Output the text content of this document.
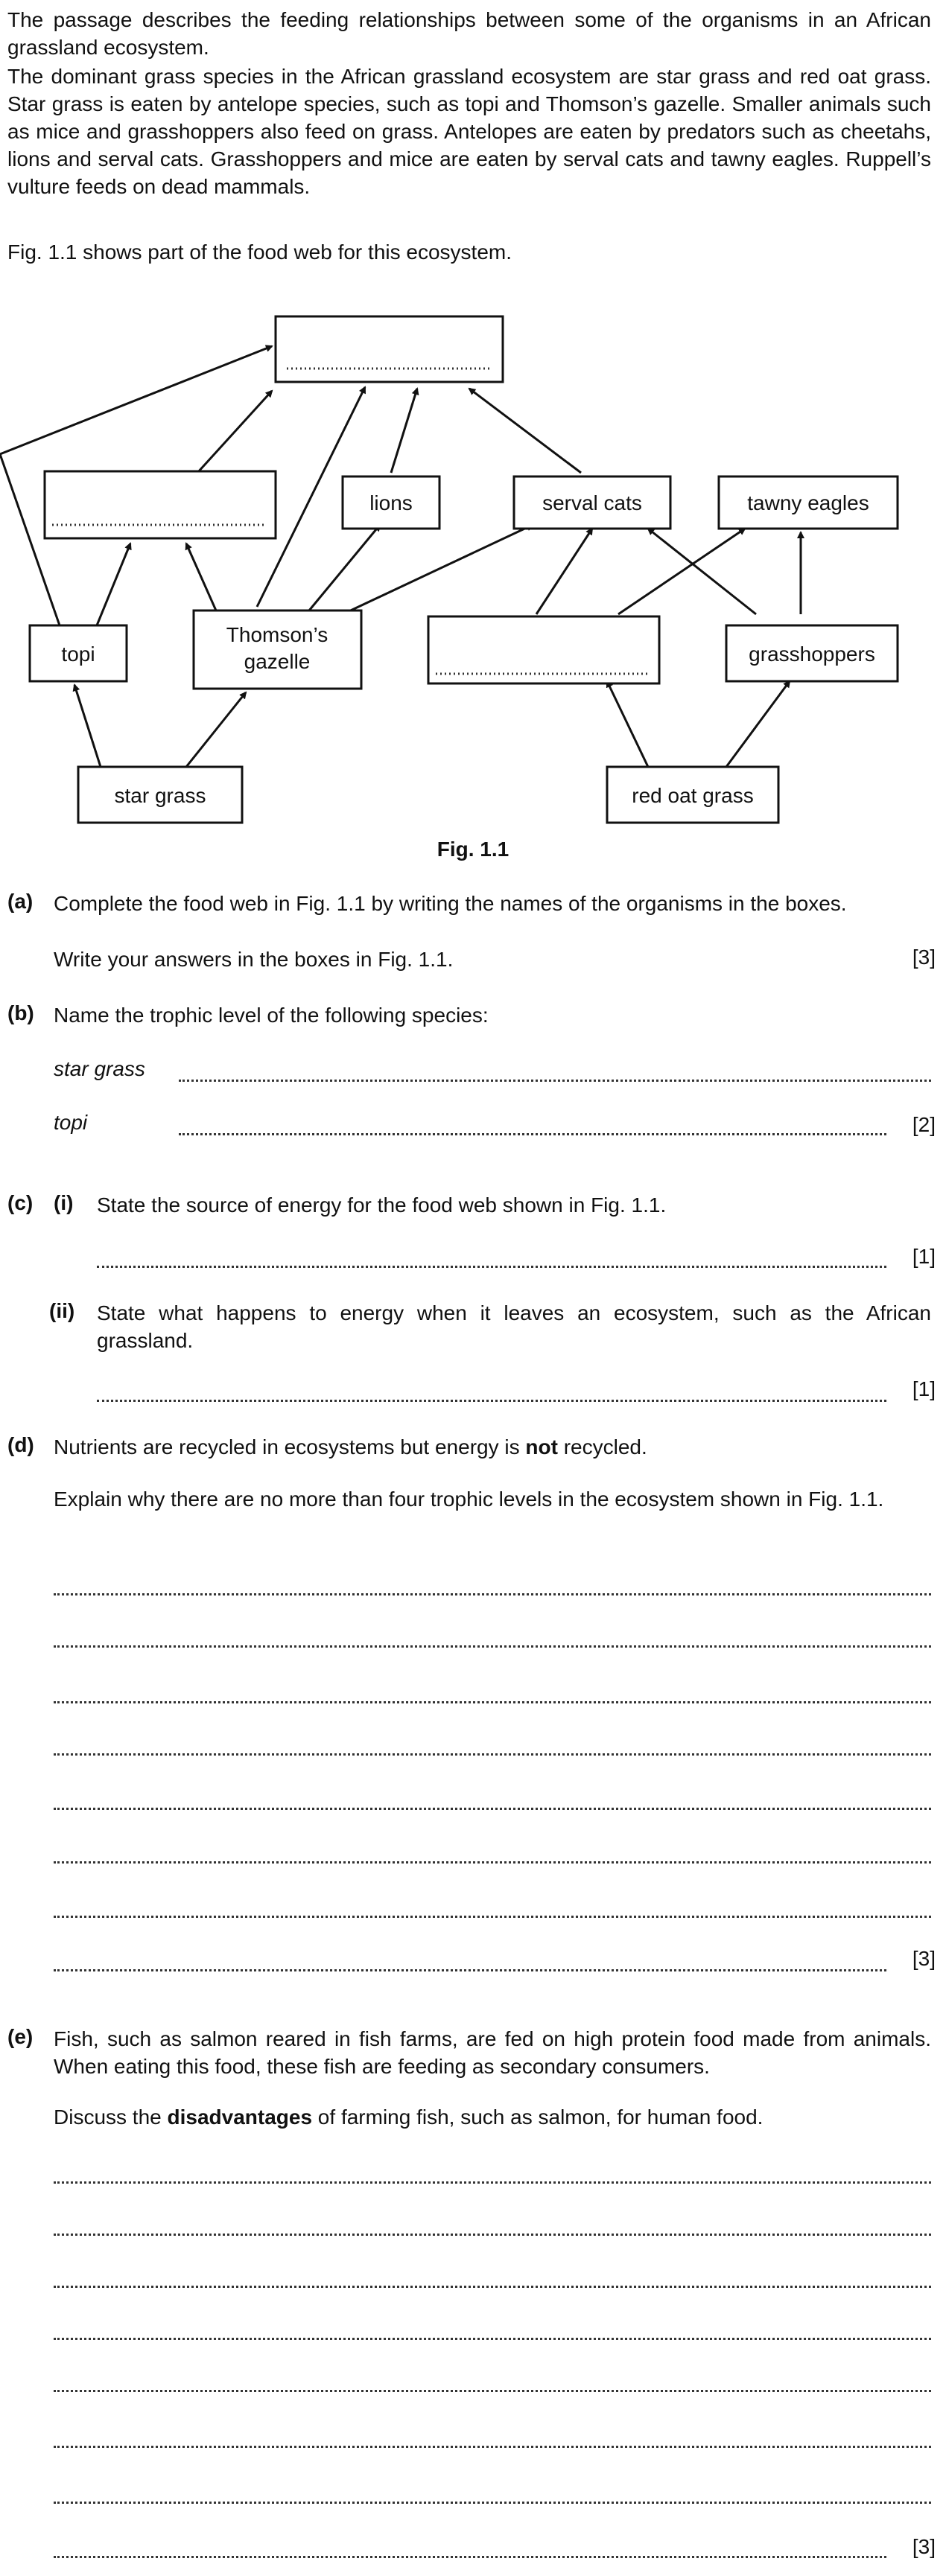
The passage describes the feeding relationships between some of the organisms in an African grassland ecosystem.

The dominant grass species in the African grassland ecosystem are star grass and red oat grass. Star grass is eaten by antelope species, such as topi and Thomson’s gazelle. Smaller animals such as mice and grasshoppers also feed on grass. Antelopes are eaten by predators such as cheetahs, lions and serval cats. Grasshoppers and mice are eaten by serval cats and tawny eagles. Ruppell’s vulture feeds on dead mammals.

Fig. 1.1 shows part of the food web for this ecosystem.

lions	serval cats	tawny eagles
topi
Thomson’s
gazelle	grasshoppers
star grass	red oat grass
Fig. 1.1
(a) Complete the food web in Fig. 1.1 by writing the names of the organisms in the boxes.
Write your answers in the boxes in Fig. 1.1.	[3]
(b) Name the trophic level of the following species:
star grass
topi	[2]
(c) (i) State the source of energy for the food web shown in Fig. 1.1.
[1]
(ii) State what happens to energy when it leaves an ecosystem, such as the African grassland.
[1]
(d) Nutrients are recycled in ecosystems but energy is not recycled.
Explain why there are no more than four trophic levels in the ecosystem shown in Fig. 1.1.
[3]
(e) Fish, such as salmon reared in fish farms, are fed on high protein food made from animals. When eating this food, these fish are feeding as secondary consumers.
Discuss the disadvantages of farming fish, such as salmon, for human food.
[3]
